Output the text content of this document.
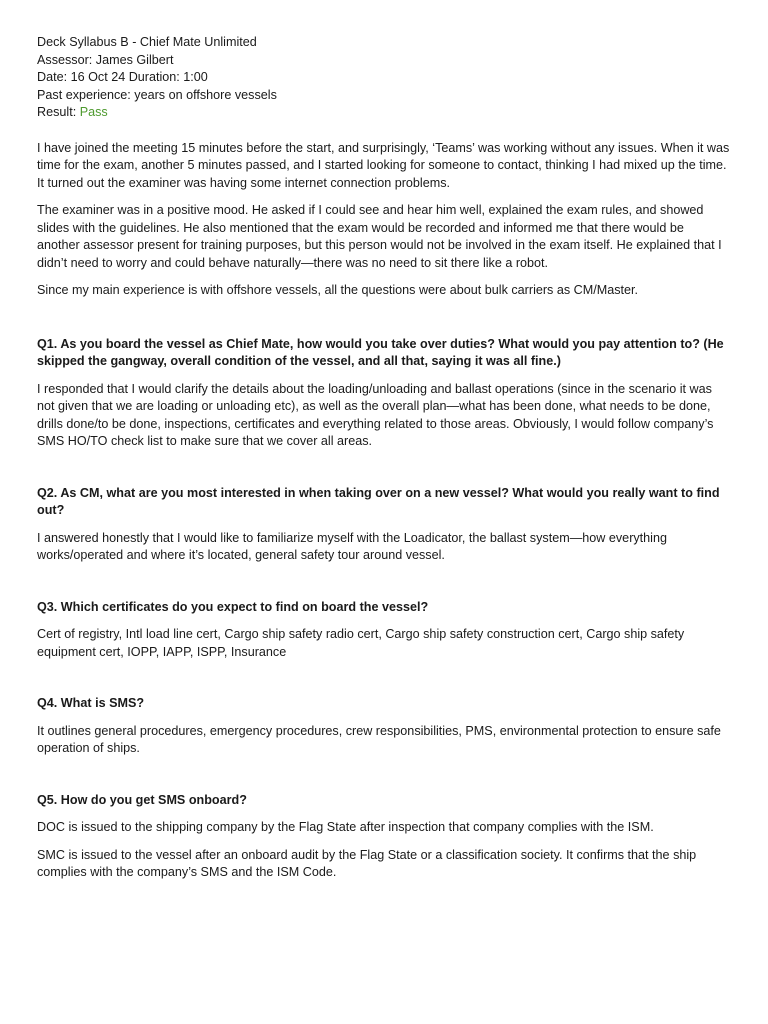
Deck Syllabus B - Chief Mate Unlimited

Assessor: James Gilbert

Date: 16 Oct 24 Duration: 1:00

Past experience: years on offshore vessels

Result: Pass

I have joined the meeting 15 minutes before the start, and surprisingly, ‘Teams’ was working without any issues. When it was time for the exam, another 5 minutes passed, and I started looking for someone to contact, thinking I had mixed up the time. It turned out the examiner was having some internet connection problems.

The examiner was in a positive mood. He asked if I could see and hear him well, explained the exam rules, and showed slides with the guidelines. He also mentioned that the exam would be recorded and informed me that there would be another assessor present for training purposes, but this person would not be involved in the exam itself. He explained that I didn’t need to worry and could behave naturally—there was no need to sit there like a robot.

Since my main experience is with offshore vessels, all the questions were about bulk carriers as CM/Master.

Q1. As you board the vessel as Chief Mate, how would you take over duties? What would you pay attention to? (He skipped the gangway, overall condition of the vessel, and all that, saying it was all fine.)

I responded that I would clarify the details about the loading/unloading and ballast operations (since in the scenario it was not given that we are loading or unloading etc), as well as the overall plan—what has been done, what needs to be done, drills done/to be done, inspections, certificates and everything related to those areas. Obviously, I would follow company’s SMS HO/TO check list to make sure that we cover all areas.

Q2. As CM, what are you most interested in when taking over on a new vessel? What would you really want to find out?

I answered honestly that I would like to familiarize myself with the Loadicator, the ballast system—how everything works/operated and where it’s located, general safety tour around vessel.

Q3. Which certificates do you expect to find on board the vessel?

Cert of registry, Intl load line cert, Cargo ship safety radio cert, Cargo ship safety construction cert, Cargo ship safety equipment cert, IOPP, IAPP, ISPP, Insurance

Q4. What is SMS?

It outlines general procedures, emergency procedures, crew responsibilities, PMS, environmental protection to ensure safe operation of ships.

Q5. How do you get SMS onboard?

DOC is issued to the shipping company by the Flag State after inspection that company complies with the ISM.

SMC is issued to the vessel after an onboard audit by the Flag State or a classification society. It confirms that the ship complies with the company’s SMS and the ISM Code.
